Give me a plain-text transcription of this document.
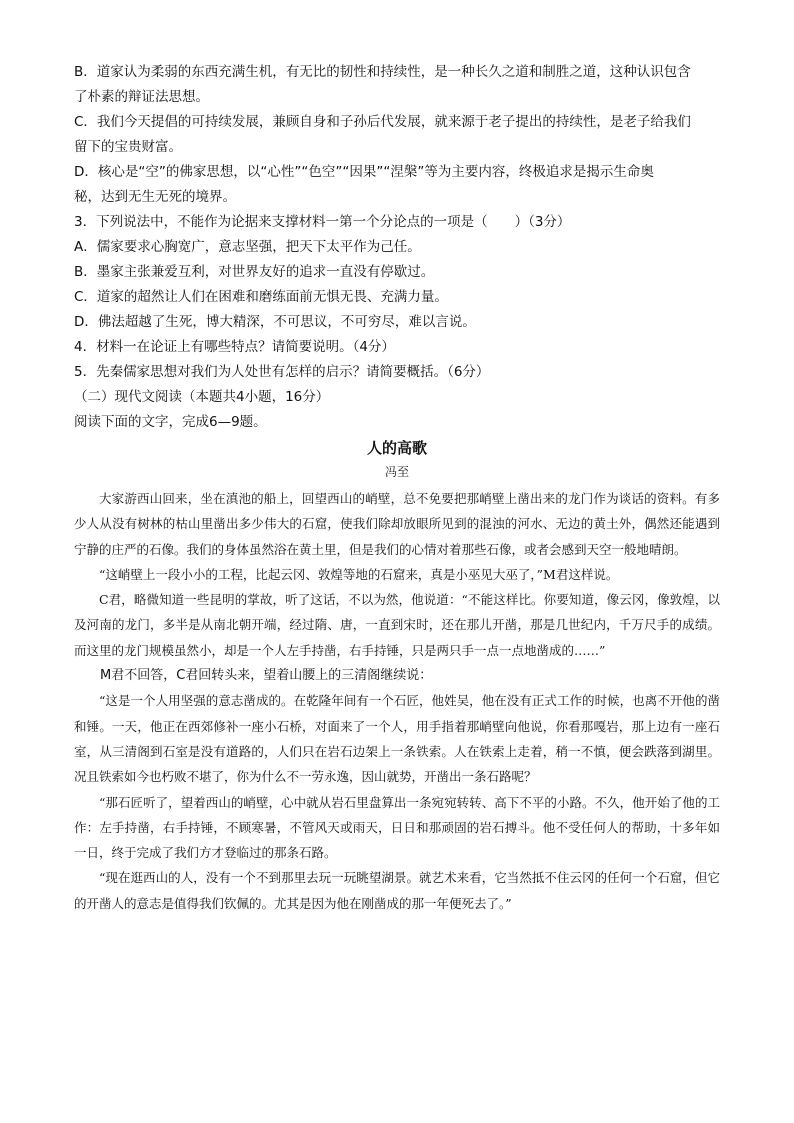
B．道家认为柔弱的东西充满生机，有无比的韧性和持续性，是一种长久之道和制胜之道，这种认识包含

了朴素的辩证法思想。

C．我们今天提倡的可持续发展，兼顾自身和子孙后代发展，就来源于老子提出的持续性，是老子给我们

留下的宝贵财富。

D．核心是“空”的佛家思想，以“心性”“色空”“因果”“涅槃”等为主要内容，终极追求是揭示生命奥

秘，达到无生无死的境界。

3．下列说法中，不能作为论据来支撑材料一第一个分论点的一项是（　　）（3分）

A．儒家要求心胸宽广，意志坚强，把天下太平作为己任。

B．墨家主张兼爱互利，对世界友好的追求一直没有停歇过。

C．道家的超然让人们在困难和磨练面前无惧无畏、充满力量。

D．佛法超越了生死，博大精深，不可思议，不可穷尽，难以言说。

4．材料一在论证上有哪些特点？请简要说明。（4分）

5．先秦儒家思想对我们为人处世有怎样的启示？请简要概括。（6分）

（二）现代文阅读（本题共4小题，16分）

阅读下面的文字，完成6—9题。

人的高歌
冯至

大家游西山回来，坐在滇池的船上，回望西山的峭壁，总不免要把那峭壁上凿出来的龙门作为谈话的资料。有多少人从没有树林的枯山里凿出多少伟大的石窟，使我们除却放眼所见到的混浊的河水、无边的黄土外，偶然还能遇到宁静的庄严的石像。我们的身体虽然浴在黄土里，但是我们的心情对着那些石像，或者会感到天空一般地晴朗。

“这峭壁上一段小小的工程，比起云冈、敦煌等地的石窟来，真是小巫见大巫了，”M君这样说。

C君，略微知道一些昆明的掌故，听了这话，不以为然，他说道：“不能这样比。你要知道，像云冈，像敦煌，以及河南的龙门，多半是从南北朝开端，经过隋、唐，一直到宋时，还在那儿开凿，那是几世纪内，千万尺手的成绩。而这里的龙门规模虽然小，却是一个人左手持凿，右手持锤，只是两只手一点一点地凿成的……”

M君不回答，C君回转头来，望着山腰上的三清阁继续说：

“这是一个人用坚强的意志凿成的。在乾隆年间有一个石匠，他姓吴，他在没有正式工作的时候，也离不开他的凿和锤。一天，他正在西郊修补一座小石桥，对面来了一个人，用手指着那峭壁向他说，你看那嘎岩，那上边有一座石室，从三清阁到石室是没有道路的，人们只在岩石边架上一条铁索。人在铁索上走着，稍一不慎，便会跌落到湖里。况且铁索如今也朽败不堪了，你为什么不一劳永逸，因山就势，开凿出一条石路呢？

“那石匠听了，望着西山的峭壁，心中就从岩石里盘算出一条宛宛转转、高下不平的小路。不久，他开始了他的工作：左手持凿，右手持锤，不顾寒暑，不管风天或雨天，日日和那顽固的岩石搏斗。他不受任何人的帮助，十多年如一日，终于完成了我们方才登临过的那条石路。

“现在逛西山的人，没有一个不到那里去玩一玩眺望湖景。就艺术来看，它当然抵不住云冈的任何一个石窟，但它的开凿人的意志是值得我们钦佩的。尤其是因为他在刚凿成的那一年便死去了。”
